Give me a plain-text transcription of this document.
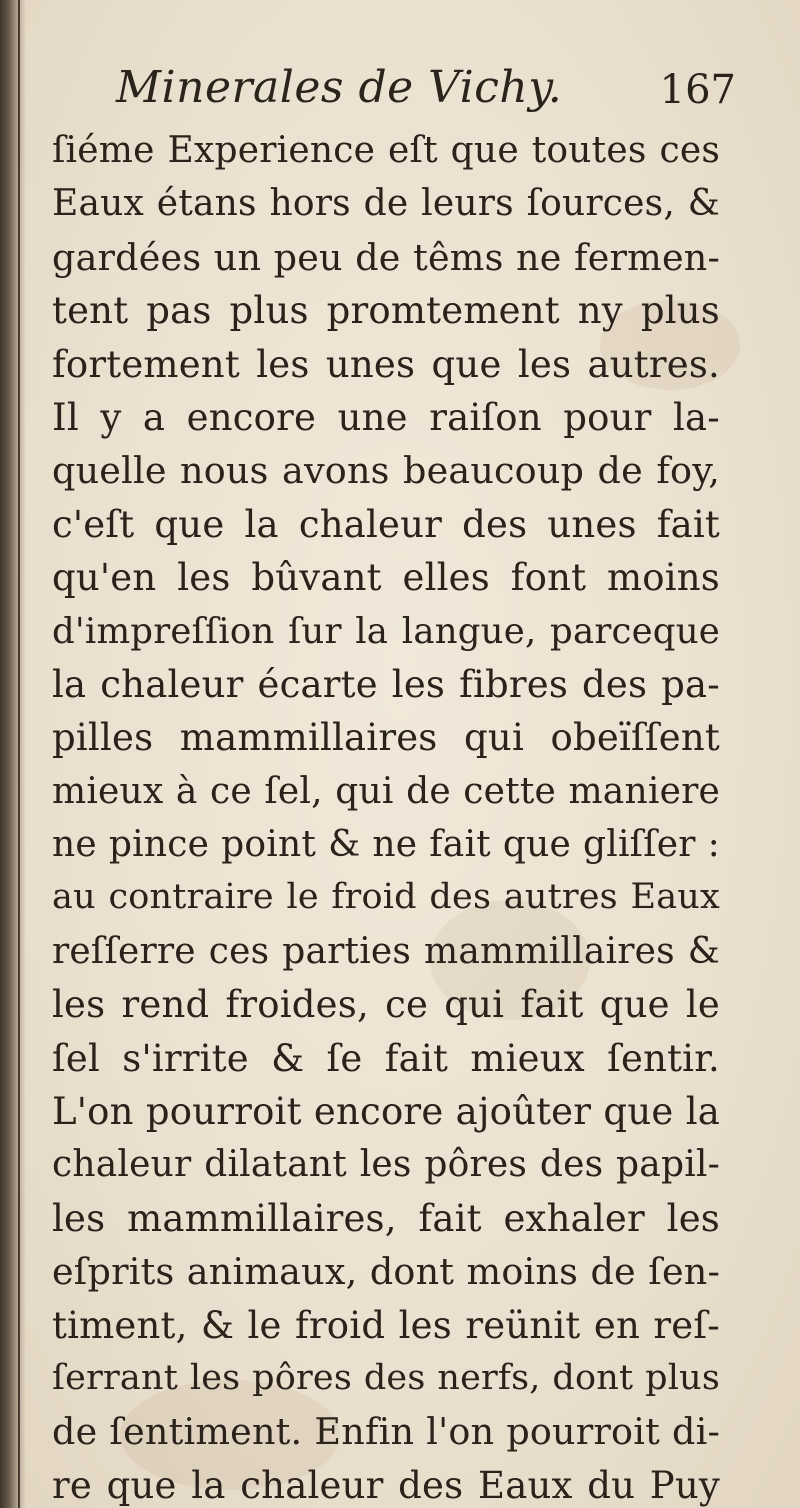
Minerales de Vichy. 167
ſiéme Experience eſt que toutes ces
Eaux étans hors de leurs ſources, &
gardées un peu de têms ne fermen-
tent pas plus promtement ny plus
fortement les unes que les autres.
Il y a encore une raiſon pour la-
quelle nous avons beaucoup de foy,
c'eſt que la chaleur des unes fait
qu'en les bûvant elles font moins
d'impreſſion ſur la langue, parceque
la chaleur écarte les fibres des pa-
pilles mammillaires qui obeïſſent
mieux à ce ſel, qui de cette maniere
ne pince point & ne fait que gliſſer :
au contraire le froid des autres Eaux
reſſerre ces parties mammillaires &
les rend froides, ce qui fait que le
ſel s'irrite & ſe fait mieux ſentir.
L'on pourroit encore ajoûter que la
chaleur dilatant les pôres des papil-
les mammillaires, fait exhaler les
eſprits animaux, dont moins de ſen-
timent, & le froid les reünit en reſ-
ſerrant les pôres des nerfs, dont plus
de ſentiment. Enfin l'on pourroit di-
re que la chaleur des Eaux du Puy
